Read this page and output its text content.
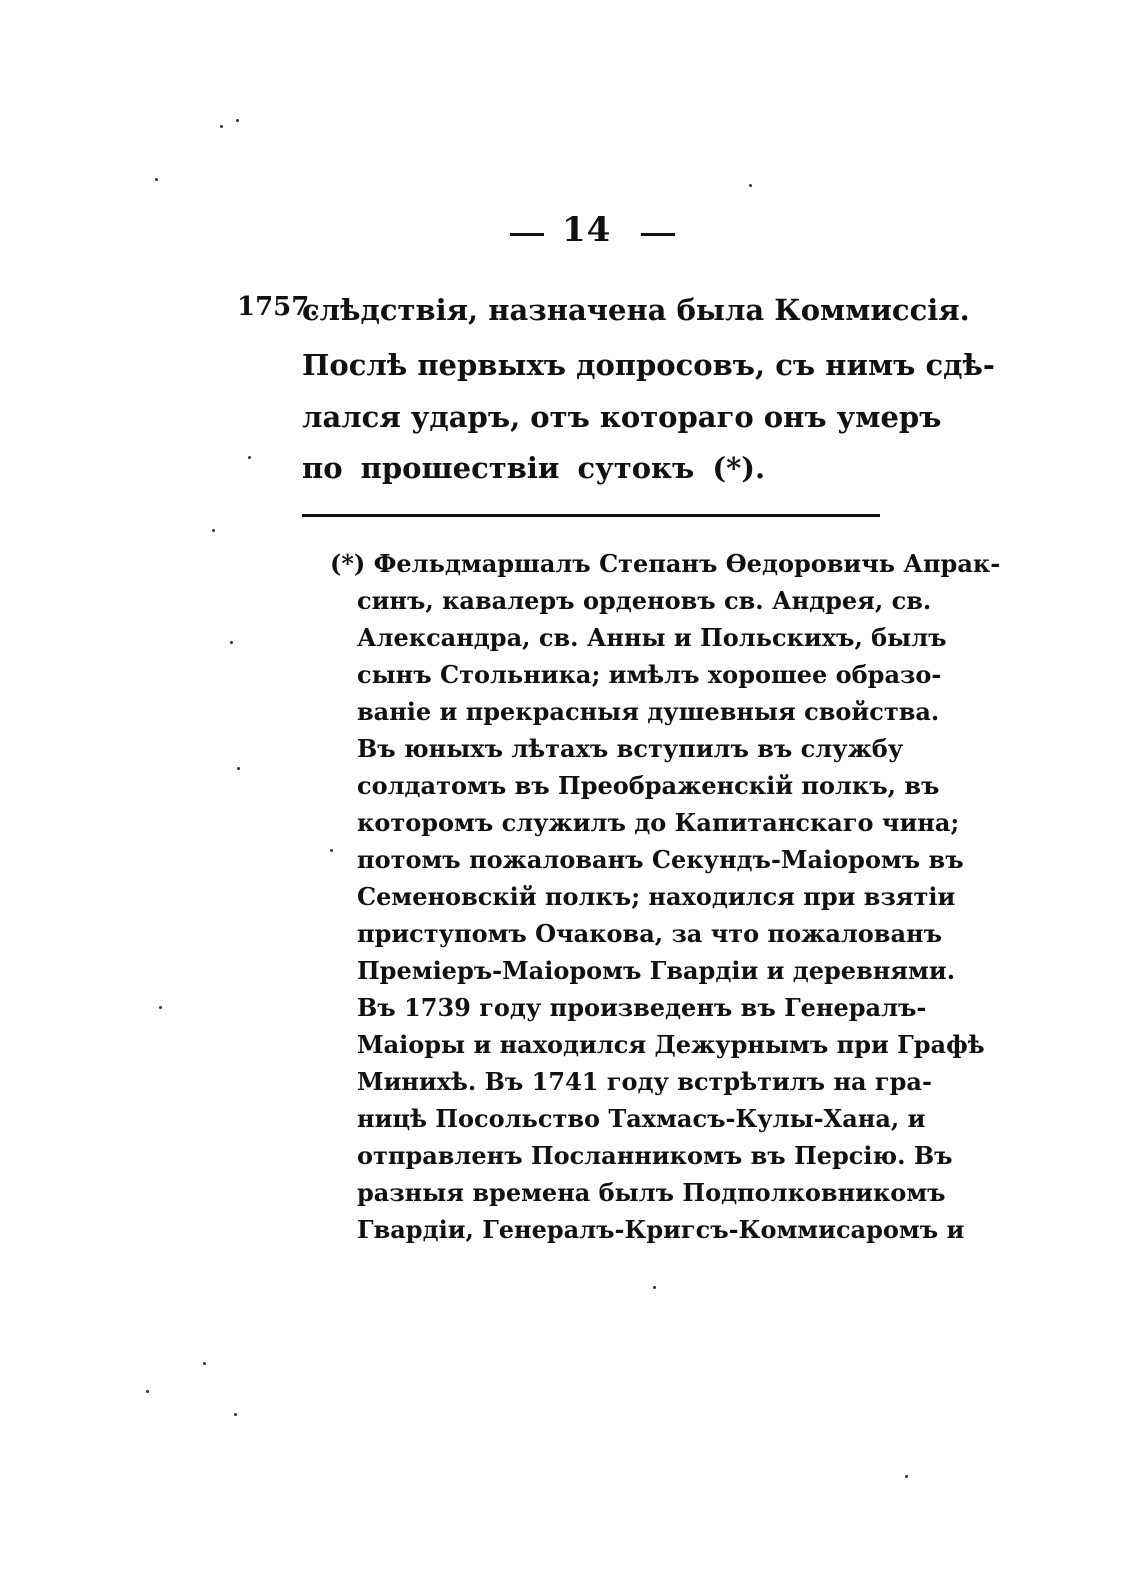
14
1757.
слѣдствія, назначена была Коммиссія.
Послѣ первыхъ допросовъ, съ нимъ сдѣ-
лался ударъ, отъ котораго онъ умеръ
по прошествіи сутокъ (*).
(*) Фельдмаршалъ Степанъ Ѳедоровичь Апрак-
синъ, кавалеръ орденовъ св. Андрея, св.
Александра, св. Анны и Польскихъ, былъ
сынъ Стольника; имѣлъ хорошее образо-
ваніе и прекрасныя душевныя свойства.
Въ юныхъ лѣтахъ вступилъ въ службу
солдатомъ въ Преображенскій полкъ, въ
которомъ служилъ до Капитанскаго чина;
потомъ пожалованъ Секундъ-Маіоромъ въ
Семеновскій полкъ; находился при взятіи
приступомъ Очакова, за что пожалованъ
Преміеръ-Маіоромъ Гвардіи и деревнями.
Въ 1739 году произведенъ въ Генералъ-
Маіоры и находился Дежурнымъ при Графѣ
Минихѣ. Въ 1741 году встрѣтилъ на гра-
ницѣ Посольство Тахмасъ-Кулы-Хана, и
отправленъ Посланникомъ въ Персію. Въ
разныя времена былъ Подполковникомъ
Гвардіи, Генералъ-Кригсъ-Коммисаромъ и
